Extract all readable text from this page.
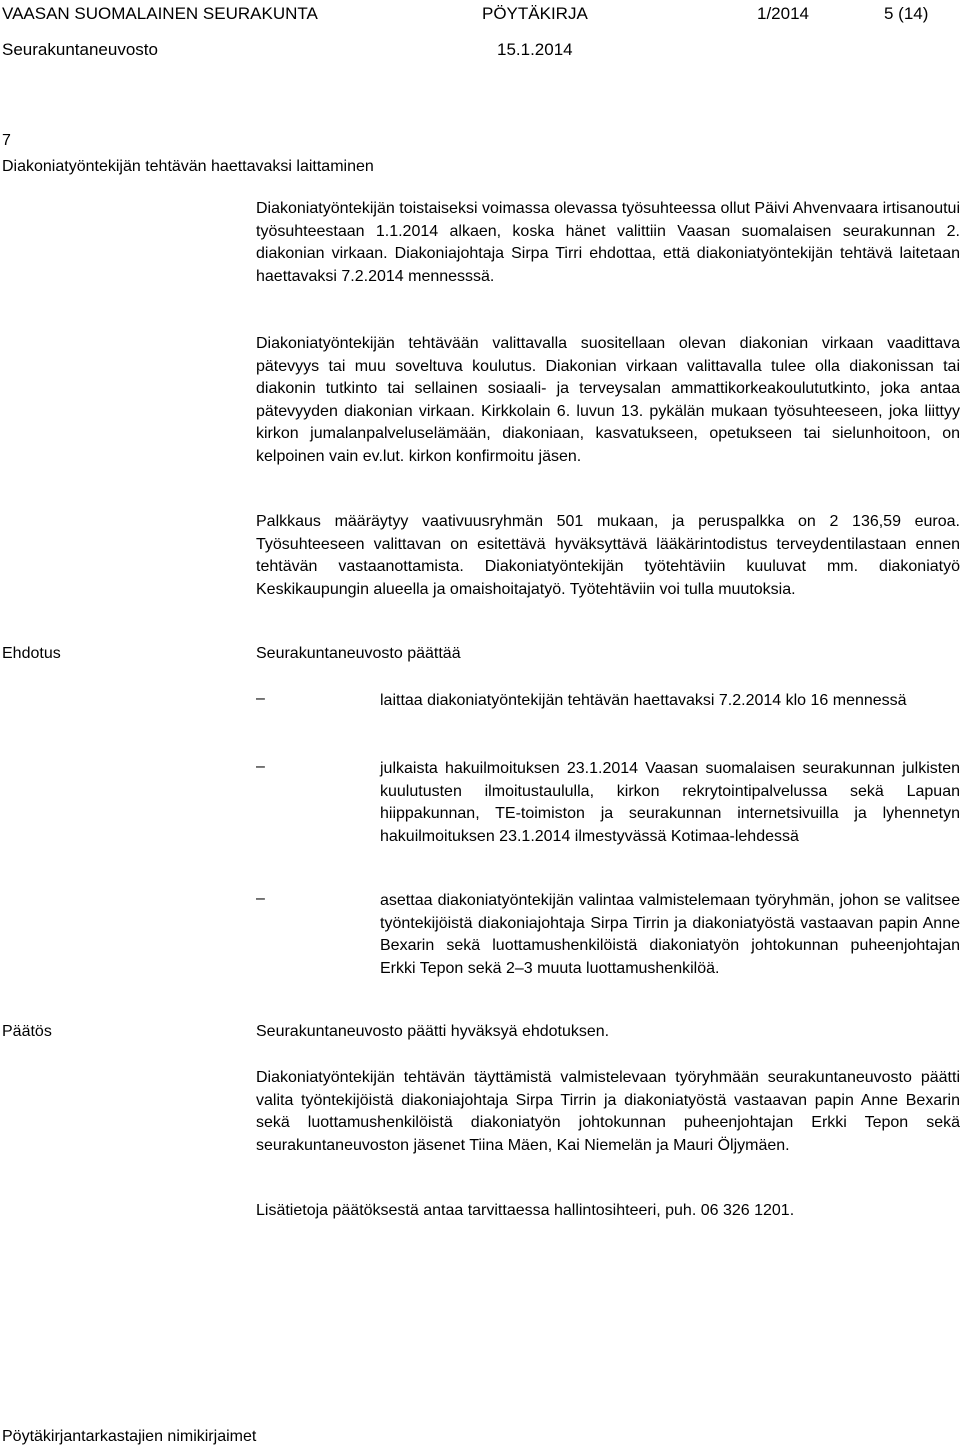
VAASAN SUOMALAINEN SEURAKUNTA	PÖYTÄKIRJA	1/2014	5 (14)
Seurakuntaneuvosto	15.1.2014
7
Diakoniatyöntekijän tehtävän haettavaksi laittaminen

Diakoniatyöntekijän toistaiseksi voimassa olevassa työsuhteessa ollut Päivi Ahvenvaara irtisanoutui työsuhteestaan 1.1.2014 alkaen, koska hänet valittiin Vaasan suomalaisen seurakunnan 2. diakonian virkaan. Diakoniajohtaja Sirpa Tirri ehdottaa, että diakoniatyöntekijän tehtävä laitetaan haettavaksi 7.2.2014 mennesssä.

Diakoniatyöntekijän tehtävään valittavalla suositellaan olevan diakonian virkaan vaadittava pätevyys tai muu soveltuva koulutus. Diakonian virkaan valittavalla tulee olla diakonissan tai diakonin tutkinto tai sellainen sosiaali- ja terveysalan ammattikorkeakoulututkinto, joka antaa pätevyyden diakonian virkaan. Kirkkolain 6. luvun 13. pykälän mukaan työsuhteeseen, joka liittyy kirkon jumalanpalveluselämään, diakoniaan, kasvatukseen, opetukseen tai sielunhoitoon, on kelpoinen vain ev.lut. kirkon konfirmoitu jäsen.

Palkkaus määräytyy vaativuusryhmän 501 mukaan, ja peruspalkka on 2 136,59 euroa. Työsuhteeseen valittavan on esitettävä hyväksyttävä lääkärintodistus terveydentilastaan ennen tehtävän vastaanottamista. Diakoniatyöntekijän työtehtäviin kuuluvat mm. diakoniatyö Keskikaupungin alueella ja omaishoitajatyö. Työtehtäviin voi tulla muutoksia.

Ehdotus	Seurakuntaneuvosto päättää
–	laittaa diakoniatyöntekijän tehtävän haettavaksi 7.2.2014 klo 16 mennessä

–	julkaista hakuilmoituksen 23.1.2014 Vaasan suomalaisen seurakunnan julkisten kuulutusten ilmoitustaululla, kirkon rekrytointipalvelussa sekä Lapuan hiippakunnan, TE-toimiston ja seurakunnan internetsivuilla ja lyhennetyn hakuilmoituksen 23.1.2014 ilmestyvässä Kotimaa-lehdessä

–	asettaa diakoniatyöntekijän valintaa valmistelemaan työryhmän, johon se valitsee työntekijöistä diakoniajohtaja Sirpa Tirrin ja diakoniatyöstä vastaavan papin Anne Bexarin sekä luottamushenkilöistä diakoniatyön johtokunnan puheenjohtajan Erkki Tepon sekä 2–3 muuta luottamushenkilöä.

Päätös	Seurakuntaneuvosto päätti hyväksyä ehdotuksen.

Diakoniatyöntekijän tehtävän täyttämistä valmistelevaan työryhmään seurakuntaneuvosto päätti valita työntekijöistä diakoniajohtaja Sirpa Tirrin ja diakoniatyöstä vastaavan papin Anne Bexarin sekä luottamushenkilöistä diakoniatyön johtokunnan puheenjohtajan Erkki Tepon sekä seurakuntaneuvoston jäsenet Tiina Mäen, Kai Niemelän ja Mauri Öljymäen.

Lisätietoja päätöksestä antaa tarvittaessa hallintosihteeri, puh. 06 326 1201.

Pöytäkirjantarkastajien nimikirjaimet
